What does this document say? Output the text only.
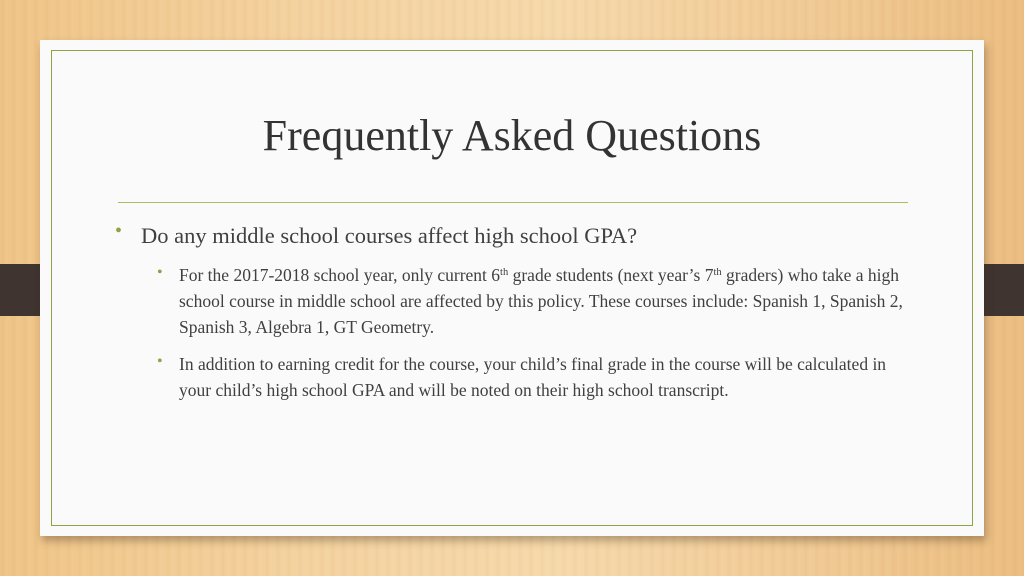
Frequently Asked Questions
• Do any middle school courses affect high school GPA?
• For the 2017-2018 school year, only current 6th grade students (next year’s 7th graders) who take a high school course in middle school are affected by this policy. These courses include: Spanish 1, Spanish 2, Spanish 3, Algebra 1, GT Geometry.
• In addition to earning credit for the course, your child’s final grade in the course will be calculated in your child’s high school GPA and will be noted on their high school transcript.
